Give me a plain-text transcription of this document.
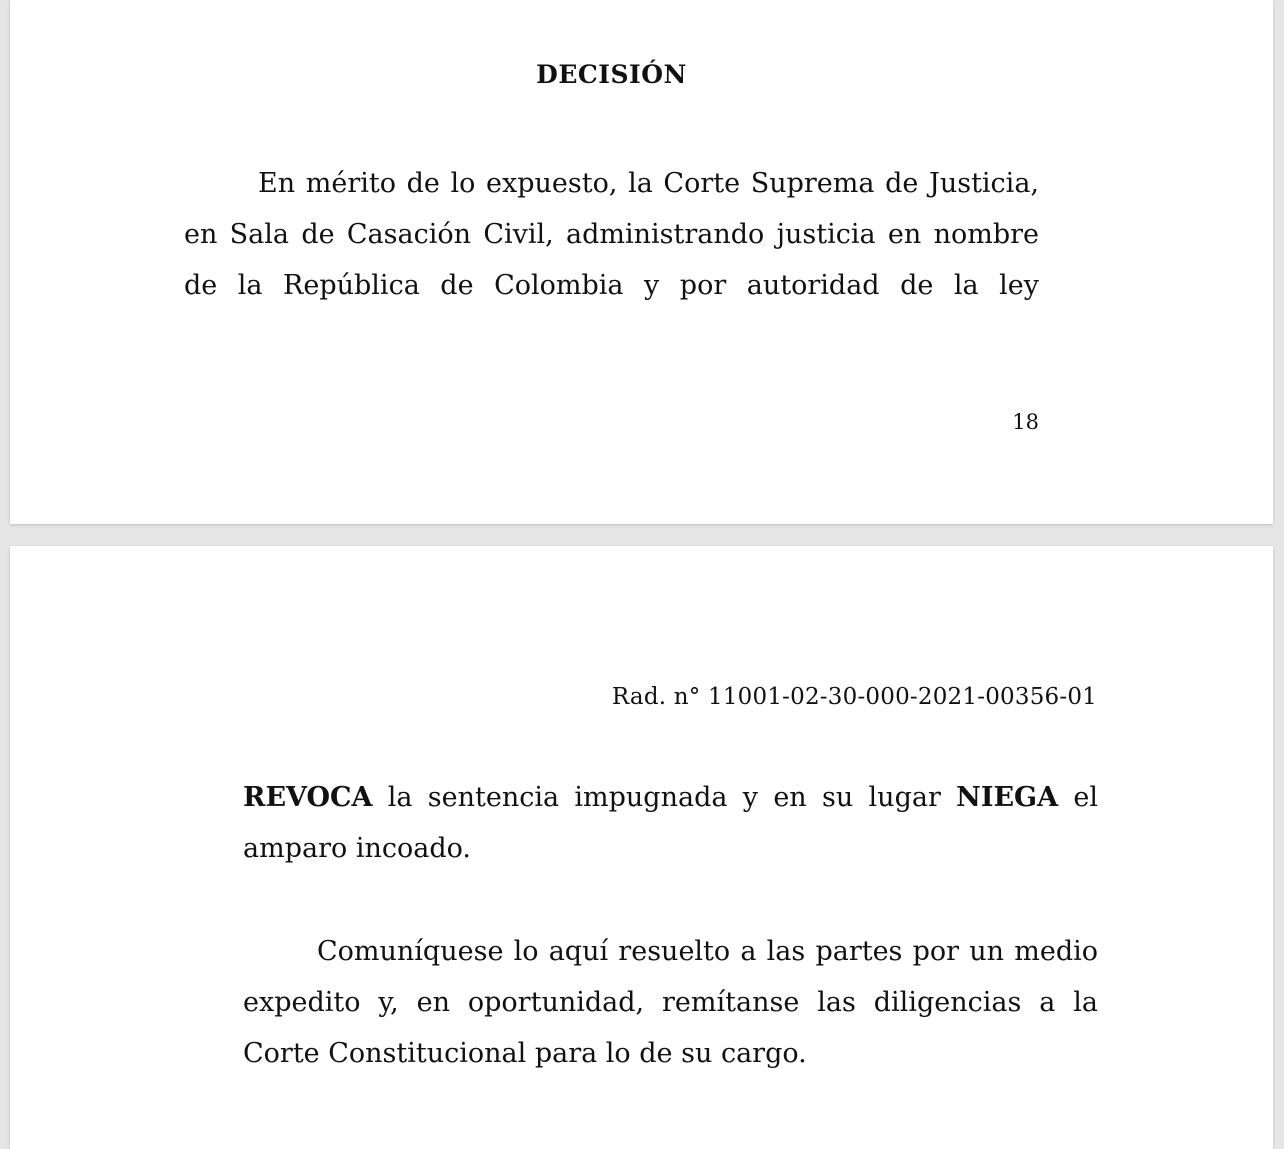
DECISIÓN
En mérito de lo expuesto, la Corte Suprema de Justicia,
en Sala de Casación Civil, administrando justicia en nombre
de la República de Colombia y por autoridad de la ley
18
Rad. n° 11001-02-30-000-2021-00356-01
REVOCA la sentencia impugnada y en su lugar NIEGA el
amparo incoado.
Comuníquese lo aquí resuelto a las partes por un medio
expedito y, en oportunidad, remítanse las diligencias a la
Corte Constitucional para lo de su cargo.
